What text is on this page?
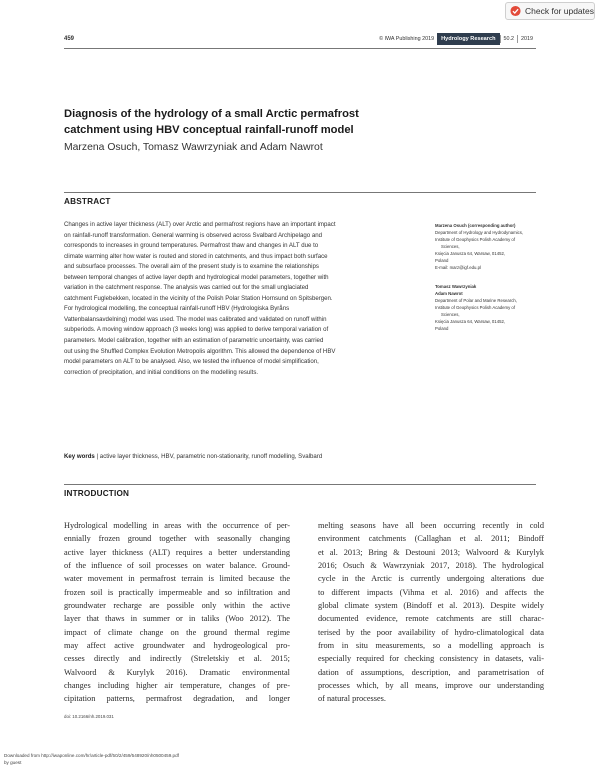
Check for updates
459	© IWA Publishing 2019	Hydrology Research	50.2	2019
Diagnosis of the hydrology of a small Arctic permafrost
catchment using HBV conceptual rainfall-runoff model
Marzena Osuch, Tomasz Wawrzyniak and Adam Nawrot
ABSTRACT
Changes in active layer thickness (ALT) over Arctic and permafrost regions have an important impact
on rainfall-runoff transformation. General warming is observed across Svalbard Archipelago and
corresponds to increases in ground temperatures. Permafrost thaw and changes in ALT due to
climate warming alter how water is routed and stored in catchments, and thus impact both surface
and subsurface processes. The overall aim of the present study is to examine the relationships
between temporal changes of active layer depth and hydrological model parameters, together with
variation in the catchment response. The analysis was carried out for the small unglaciated
catchment Fuglebekken, located in the vicinity of the Polish Polar Station Hornsund on Spitsbergen.
For hydrological modelling, the conceptual rainfall-runoff HBV (Hydrologiska Byråns
Vattenbalansavdelning) model was used. The model was calibrated and validated on runoff within
subperiods. A moving window approach (3 weeks long) was applied to derive temporal variation of
parameters. Model calibration, together with an estimation of parametric uncertainty, was carried
out using the Shuffled Complex Evolution Metropolis algorithm. This allowed the dependence of HBV
model parameters on ALT to be analysed. Also, we tested the influence of model simplification,
correction of precipitation, and initial conditions on the modelling results.
Key words | active layer thickness, HBV, parametric non-stationarity, runoff modelling, Svalbard
Marzena Osuch (corresponding author)
Department of Hydrology and Hydrodynamics,
Institute of Geophysics Polish Academy of
Sciences,
Księcia Janusza 64, Warsaw, 01452,
Poland
E-mail: marz@igf.edu.pl
Tomasz Wawrzyniak
Adam Nawrot
Department of Polar and Marine Research,
Institute of Geophysics Polish Academy of
Sciences,
Księcia Janusza 64, Warsaw, 01452,
Poland
INTRODUCTION
Hydrological modelling in areas with the occurrence of per-
ennially frozen ground together with seasonally changing
active layer thickness (ALT) requires a better understanding
of the influence of soil processes on water balance. Ground-
water movement in permafrost terrain is limited because the
frozen soil is practically impermeable and so infiltration and
groundwater recharge are possible only within the active
layer that thaws in summer or in taliks (Woo 2012). The
impact of climate change on the ground thermal regime
may affect active groundwater and hydrogeological pro-
cesses directly and indirectly (Streletskiy et al. 2015;
Walvoord & Kurylyk 2016). Dramatic environmental
changes including higher air temperature, changes of pre-
cipitation patterns, permafrost degradation, and longer
melting seasons have all been occurring recently in cold
environment catchments (Callaghan et al. 2011; Bindoff
et al. 2013; Bring & Destouni 2013; Walvoord & Kurylyk
2016; Osuch & Wawrzyniak 2017, 2018). The hydrological
cycle in the Arctic is currently undergoing alterations due
to different impacts (Vihma et al. 2016) and affects the
global climate system (Bindoff et al. 2013). Despite widely
documented evidence, remote catchments are still charac-
terised by the poor availability of hydro-climatological data
from in situ measurements, so a modelling approach is
especially required for checking consistency in datasets, vali-
dation of assumptions, description, and parametrisation of
processes which, by all means, improve our understanding
of natural processes.
doi: 10.2166/nh.2019.031
Downloaded from http://iwaponline.com/hr/article-pdf/50/2/459/548920/nh0500459.pdf
by guest
